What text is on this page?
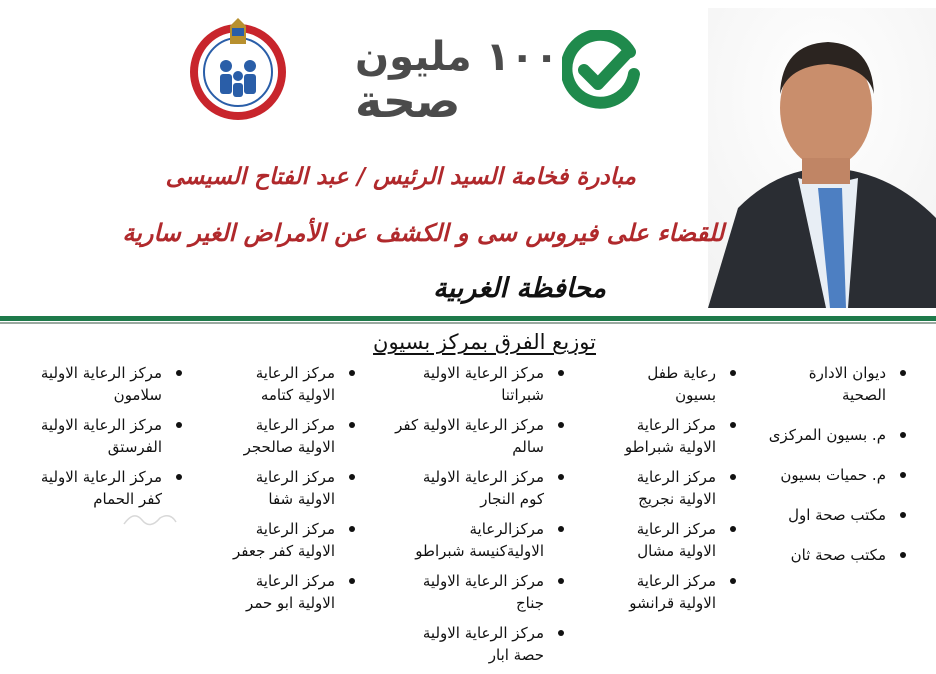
١٠٠ مليون
صحة
مبادرة فخامة السيد الرئيس / عبد الفتاح السيسى
للقضاء على فيروس سى و الكشف عن الأمراض الغير سارية
محافظة الغربية
توزيع الفرق بمركز بسيون
ديوان الادارة الصحية
م. بسيون المركزى
م. حميات بسيون
مكتب صحة اول
مكتب صحة ثان
رعاية طفل بسيون
مركز الرعاية الاولية شبراطو
مركز الرعاية الاولية نجريج
مركز الرعاية الاولية مشال
مركز الرعاية الاولية قرانشو
مركز الرعاية الاولية شبراتنا
مركز الرعاية الاولية كفر سالم
مركز الرعاية الاولية كوم النجار
مركزالرعاية الاوليةكنيسة شبراطو
مركز الرعاية الاولية جناج
مركز الرعاية الاولية حصة ابار
مركز الرعاية الاولية كتامه
مركز الرعاية الاولية صالحجر
مركز الرعاية الاولية شفا
مركز الرعاية الاولية كفر جعفر
مركز الرعاية الاولية ابو حمر
مركز الرعاية الاولية سلامون
مركز الرعاية الاولية الفرستق
مركز الرعاية الاولية كفر الحمام
